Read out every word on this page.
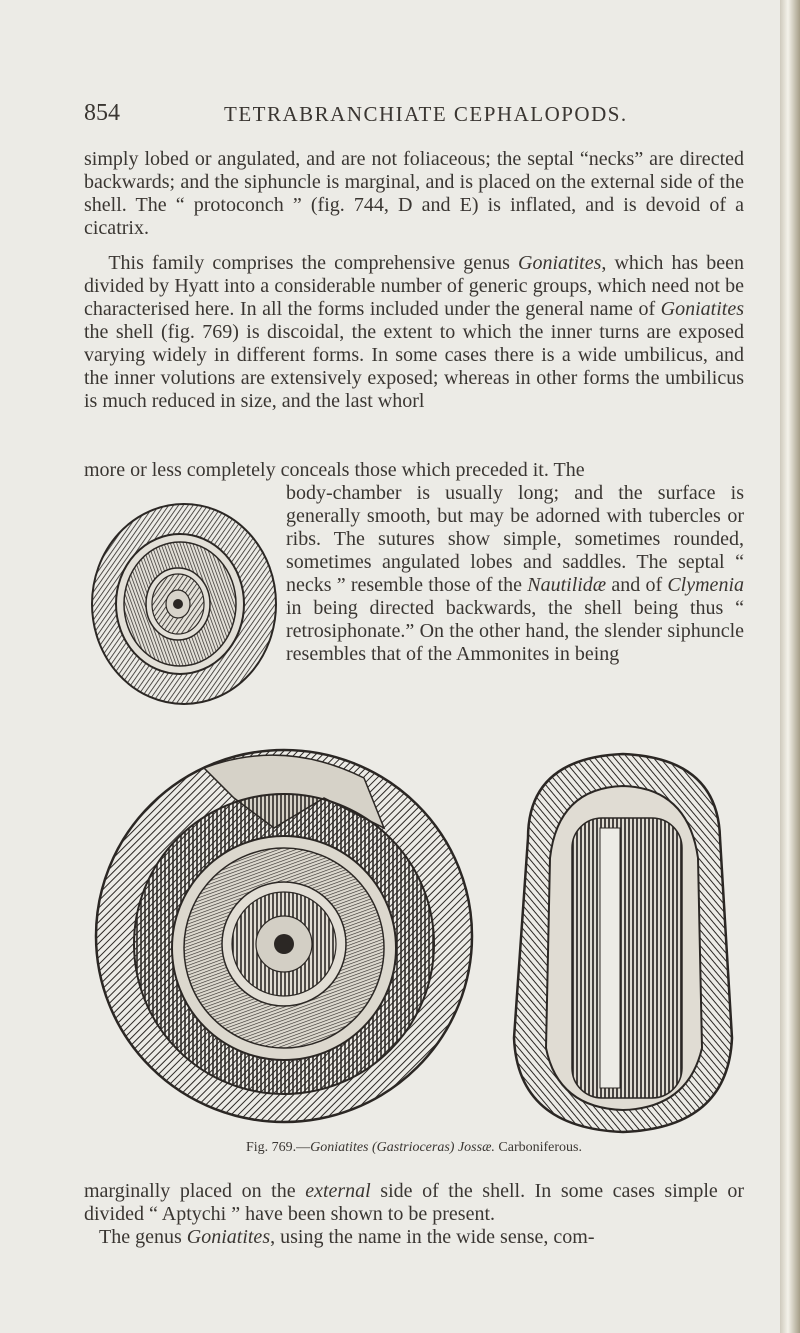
854	TETRABRANCHIATE CEPHALOPODS.

simply lobed or angulated, and are not foliaceous; the septal “necks” are directed backwards; and the siphuncle is marginal, and is placed on the external side of the shell. The “ protoconch ” (fig. 744, D and E) is inflated, and is devoid of a cicatrix.

This family comprises the comprehensive genus Goniatites, which has been divided by Hyatt into a considerable number of generic groups, which need not be characterised here. In all the forms included under the general name of Goniatites the shell (fig. 769) is discoidal, the extent to which the inner turns are exposed varying widely in different forms. In some cases there is a wide umbilicus, and the inner volutions are extensively exposed; whereas in other forms the umbilicus is much reduced in size, and the last whorl

more or less completely conceals those which preceded it. The

body-chamber is usually long; and the surface is generally smooth, but may be adorned with tubercles or ribs. The sutures show simple, sometimes rounded, sometimes angulated lobes and saddles. The septal “ necks ” resemble those of the Nautilidæ and of Clymenia in being directed backwards, the shell being thus “ retrosiphonate.” On the other hand, the slender siphuncle resembles that of the Ammonites in being

Fig. 769.—Goniatites (Gastrioceras) Jossæ. Carboniferous.

marginally placed on the external side of the shell. In some cases simple or divided “ Aptychi ” have been shown to be present.
The genus Goniatites, using the name in the wide sense, com-
